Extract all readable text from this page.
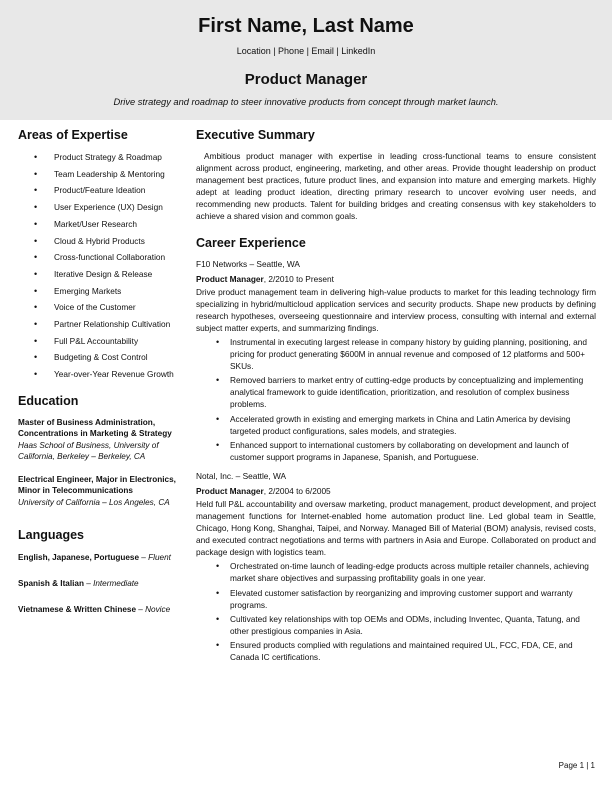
First Name, Last Name
Location | Phone | Email | LinkedIn
Product Manager
Drive strategy and roadmap to steer innovative products from concept through market launch.
Areas of Expertise
• Product Strategy & Roadmap
• Team Leadership & Mentoring
• Product/Feature Ideation
• User Experience (UX) Design
• Market/User Research
• Cloud & Hybrid Products
• Cross-functional Collaboration
• Iterative Design & Release
• Emerging Markets
• Voice of the Customer
• Partner Relationship Cultivation
• Full P&L Accountability
• Budgeting & Cost Control
• Year-over-Year Revenue Growth
Education
Master of Business Administration, Concentrations in Marketing & Strategy
Haas School of Business, University of California, Berkeley – Berkeley, CA
Electrical Engineer, Major in Electronics, Minor in Telecommunications
University of California – Los Angeles, CA
Languages
English, Japanese, Portuguese – Fluent
Spanish & Italian – Intermediate
Vietnamese & Written Chinese – Novice
Executive Summary
Ambitious product manager with expertise in leading cross-functional teams to ensure consistent alignment across product, engineering, marketing, and other areas. Provide thought leadership on product management best practices, future product lines, and expansion into mature and emerging markets. Highly adept at leading product ideation, directing primary research to uncover evolving user needs, and recommending new products. Talent for building bridges and creating consensus with key stakeholders to achieve a shared vision and common goals.
Career Experience
F10 Networks – Seattle, WA
Product Manager, 2/2010 to Present
Drive product management team in delivering high-value products to market for this leading technology firm specializing in hybrid/multicloud application services and security products. Shape new products by defining research hypotheses, overseeing questionnaire and interview process, consulting with internal and external subject matter experts, and summarizing findings.
• Instrumental in executing largest release in company history by guiding planning, positioning, and pricing for product generating $600M in annual revenue and composed of 12 platforms and 500+ SKUs.
• Removed barriers to market entry of cutting-edge products by conceptualizing and implementing analytical framework to guide identification, prioritization, and resolution of complex business problems.
• Accelerated growth in existing and emerging markets in China and Latin America by devising targeted product configurations, sales models, and strategies.
• Enhanced support to international customers by collaborating on development and launch of customer support programs in Japanese, Spanish, and Portuguese.
Notal, Inc. – Seattle, WA
Product Manager, 2/2004 to 6/2005
Held full P&L accountability and oversaw marketing, product management, product development, and project management functions for Internet-enabled home automation product line. Led global team in Seattle, Chicago, Hong Kong, Shanghai, Taipei, and Norway. Managed Bill of Material (BOM) analysis, revised costs, and executed contract negotiations and terms with partners in Asia and Europe. Collaborated on product and package design with logistics team.
• Orchestrated on-time launch of leading-edge products across multiple retailer channels, achieving market share objectives and surpassing profitability goals in one year.
• Elevated customer satisfaction by reorganizing and improving customer support and warranty programs.
• Cultivated key relationships with top OEMs and ODMs, including Inventec, Quanta, Tatung, and other prestigious companies in Asia.
• Ensured products complied with regulations and maintained required UL, FCC, FDA, CE, and Canada IC certifications.
Page 1 | 1
